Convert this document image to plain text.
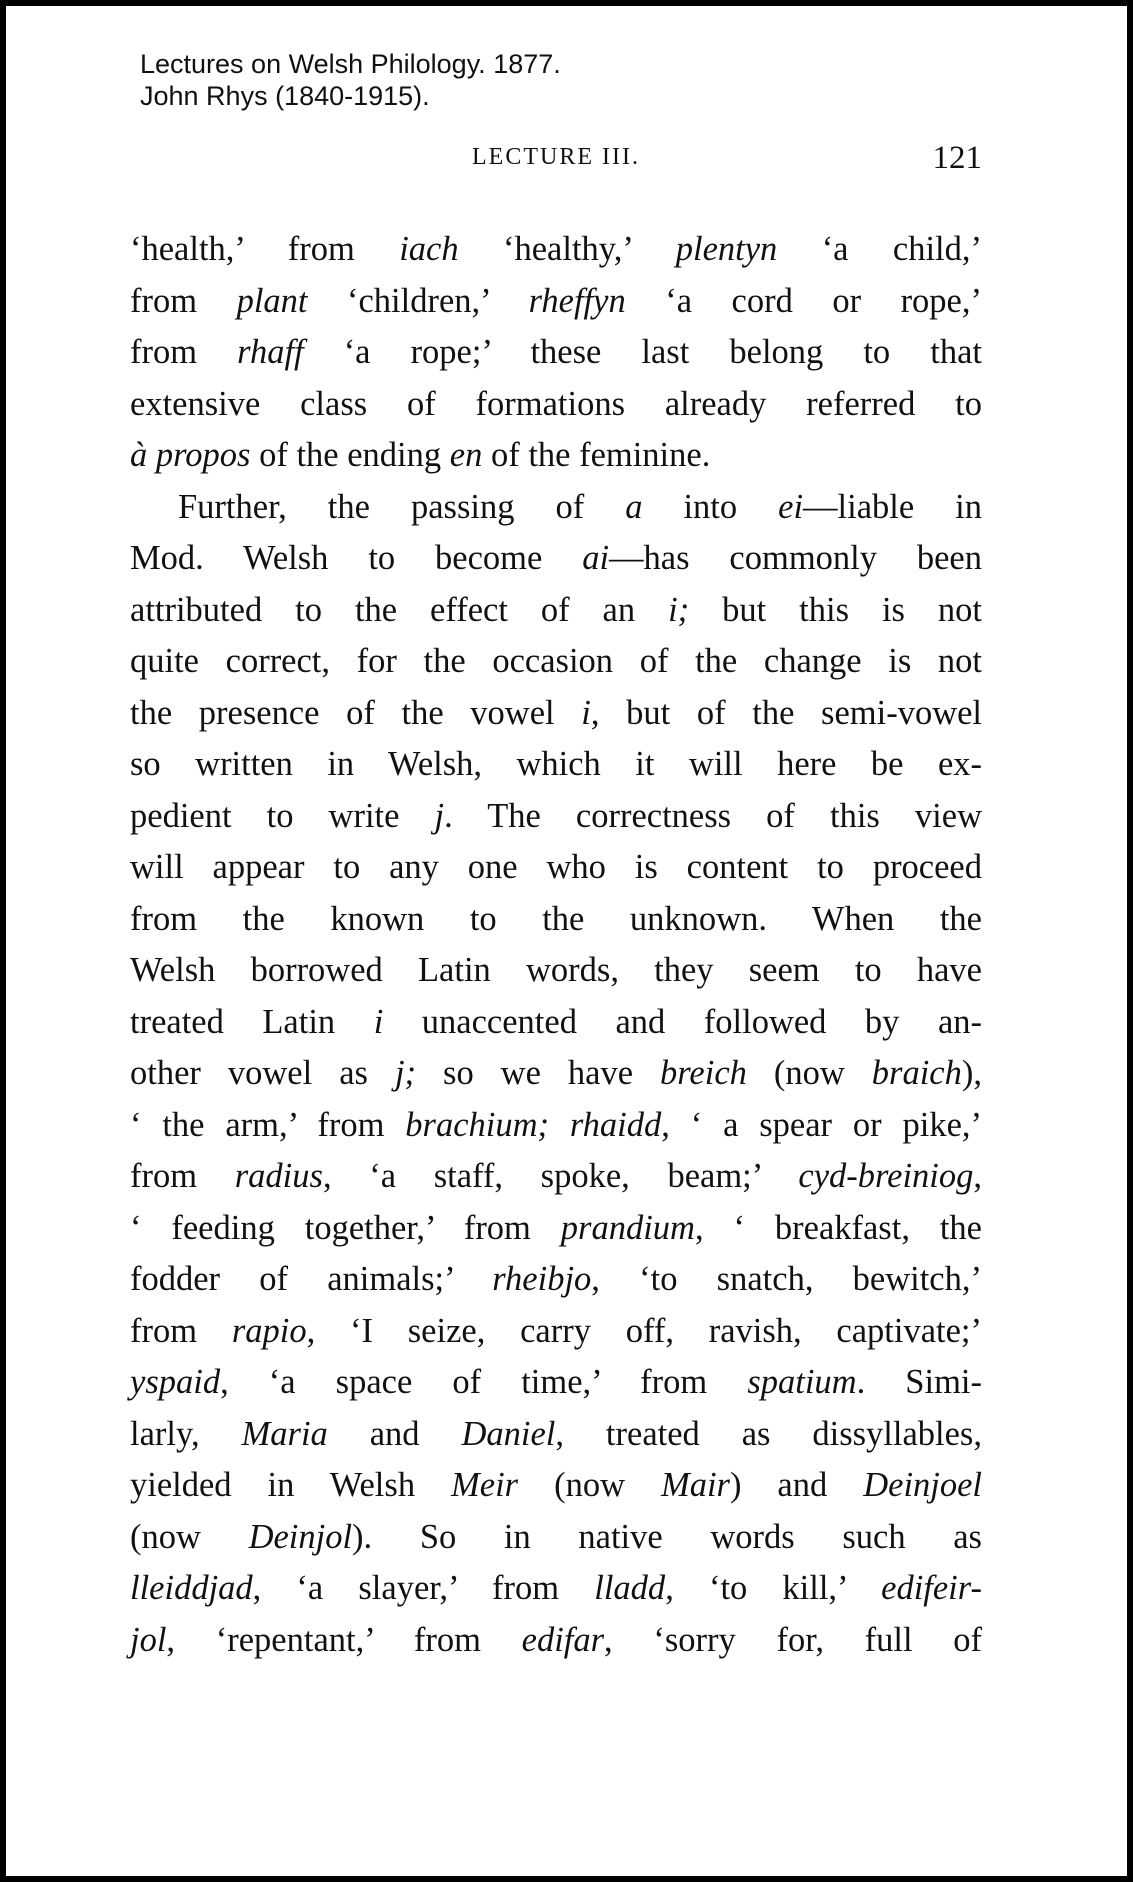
Lectures on Welsh Philology. 1877.
John Rhys (1840-1915).
LECTURE III.	121
‘health,’ from iach ‘healthy,’ plentyn ‘a child,’
from plant ‘children,’ rheffyn ‘a cord or rope,’
from rhaff ‘a rope;’ these last belong to that
extensive class of formations already referred to
à propos of the ending en of the feminine.
Further, the passing of a into ei—liable in
Mod. Welsh to become ai—has commonly been
attributed to the effect of an i; but this is not
quite correct, for the occasion of the change is not
the presence of the vowel i, but of the semi-vowel
so written in Welsh, which it will here be ex-
pedient to write j. The correctness of this view
will appear to any one who is content to proceed
from the known to the unknown. When the
Welsh borrowed Latin words, they seem to have
treated Latin i unaccented and followed by an-
other vowel as j; so we have breich (now braich),
‘ the arm,’ from brachium; rhaidd, ‘ a spear or pike,’
from radius, ‘a staff, spoke, beam;’ cyd-breiniog,
‘ feeding together,’ from prandium, ‘ breakfast, the
fodder of animals;’ rheibjo, ‘to snatch, bewitch,’
from rapio, ‘I seize, carry off, ravish, captivate;’
yspaid, ‘a space of time,’ from spatium. Simi-
larly, Maria and Daniel, treated as dissyllables,
yielded in Welsh Meir (now Mair) and Deinjoel
(now Deinjol). So in native words such as
lleiddjad, ‘a slayer,’ from lladd, ‘to kill,’ edifeir-
jol, ‘repentant,’ from edifar, ‘sorry for, full of
